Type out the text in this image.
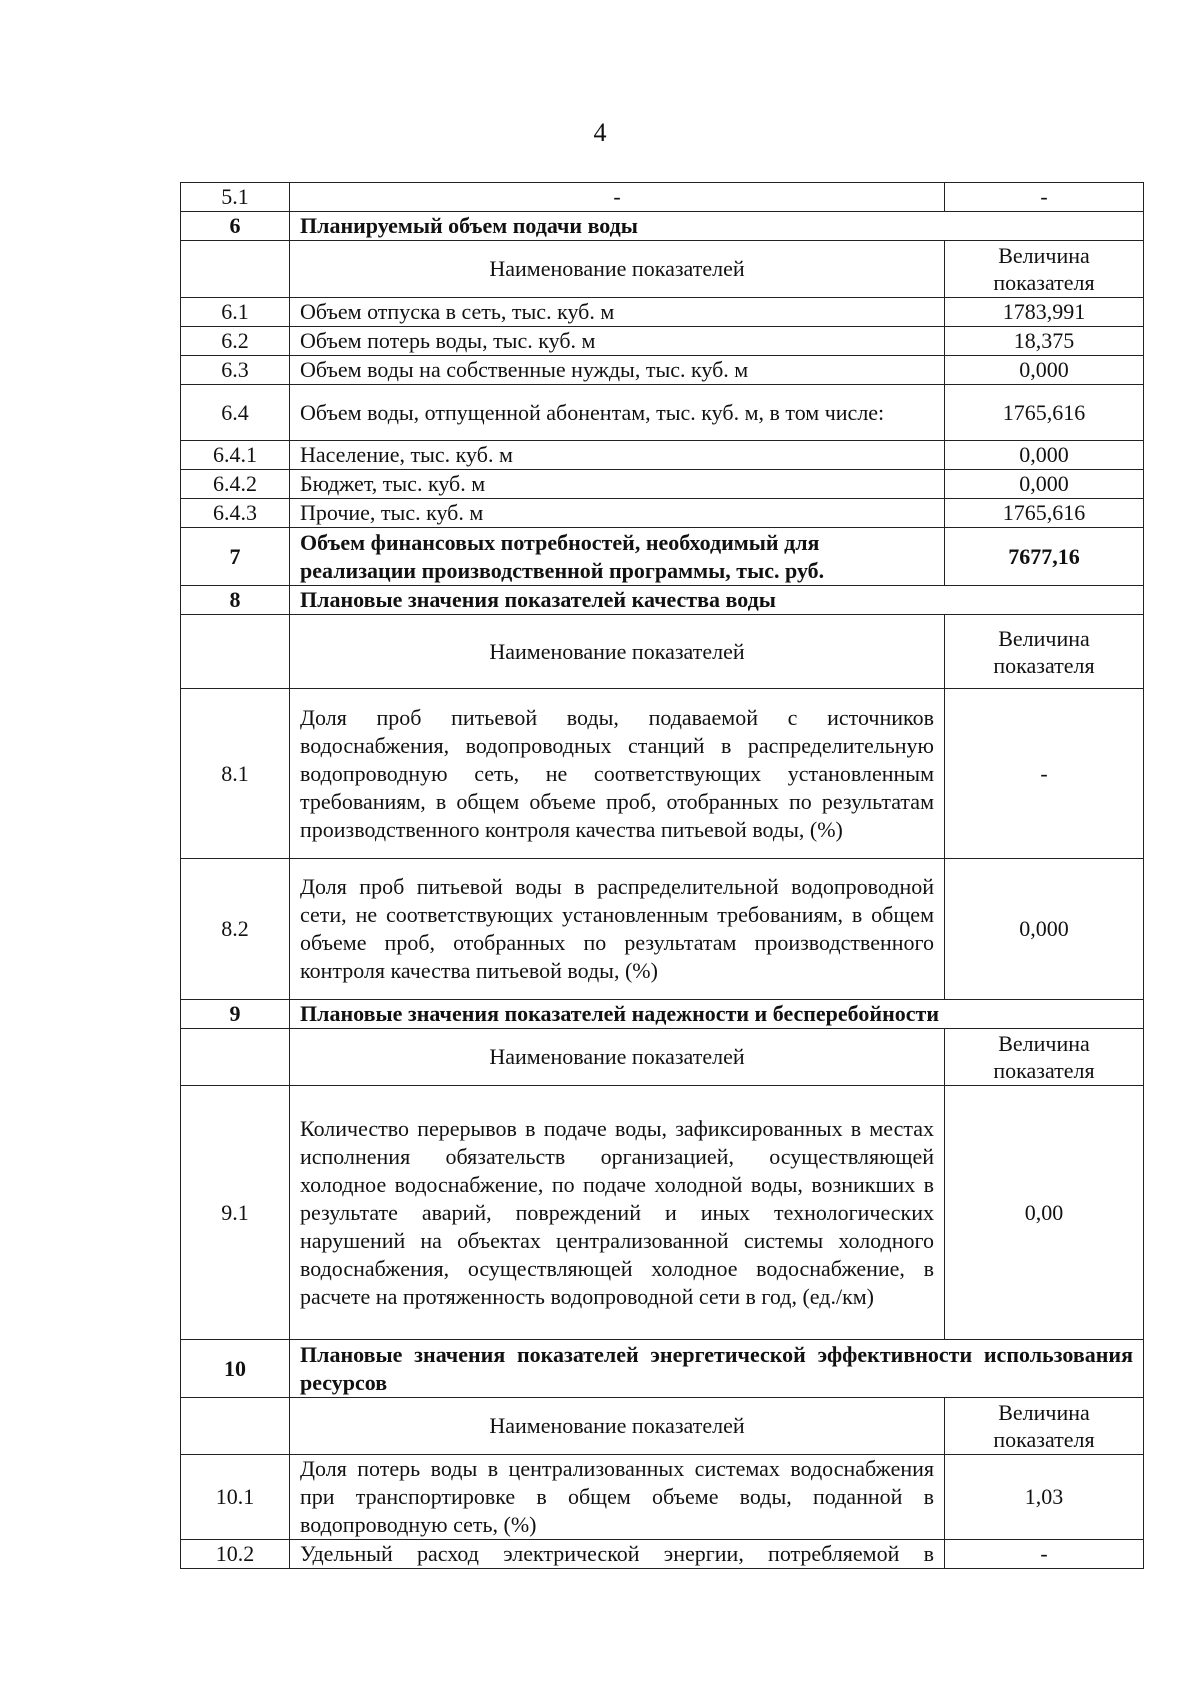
4
5.1	-	-
6	Планируемый объем подачи воды	
	Наименование показателей	Величина показателя
6.1	Объем отпуска в сеть, тыс. куб. м	1783,991
6.2	Объем потерь воды, тыс. куб. м	18,375
6.3	Объем воды на собственные нужды, тыс. куб. м	0,000
6.4	Объем воды, отпущенной абонентам, тыс. куб. м, в том числе:	1765,616
6.4.1	Население, тыс. куб. м	0,000
6.4.2	Бюджет, тыс. куб. м	0,000
6.4.3	Прочие, тыс. куб. м	1765,616
7	Объем финансовых потребностей, необходимый для реализации производственной программы, тыс. руб.	7677,16
8	Плановые значения показателей качества воды	
	Наименование показателей	Величина показателя
8.1	Доля проб питьевой воды, подаваемой с источников водоснабжения, водопроводных станций в распределительную водопроводную сеть, не соответствующих установленным требованиям, в общем объеме проб, отобранных по результатам производственного контроля качества питьевой воды, (%)	-
8.2	Доля проб питьевой воды в распределительной водопроводной сети, не соответствующих установленным требованиям, в общем объеме проб, отобранных по результатам производственного контроля качества питьевой воды, (%)	0,000
9	Плановые значения показателей надежности и бесперебойности	
	Наименование показателей	Величина показателя
9.1	Количество перерывов в подаче воды, зафиксированных в местах исполнения обязательств организацией, осуществляющей холодное водоснабжение, по подаче холодной воды, возникших в результате аварий, повреждений и иных технологических нарушений на объектах централизованной системы холодного водоснабжения, осуществляющей холодное водоснабжение, в расчете на протяженность водопроводной сети в год, (ед./км)	0,00
10	Плановые значения показателей энергетической эффективности использования ресурсов	
	Наименование показателей	Величина показателя
10.1	Доля потерь воды в централизованных системах водоснабжения при транспортировке в общем объеме воды, поданной в водопроводную сеть, (%)	1,03
10.2	Удельный расход электрической энергии, потребляемой в	-
